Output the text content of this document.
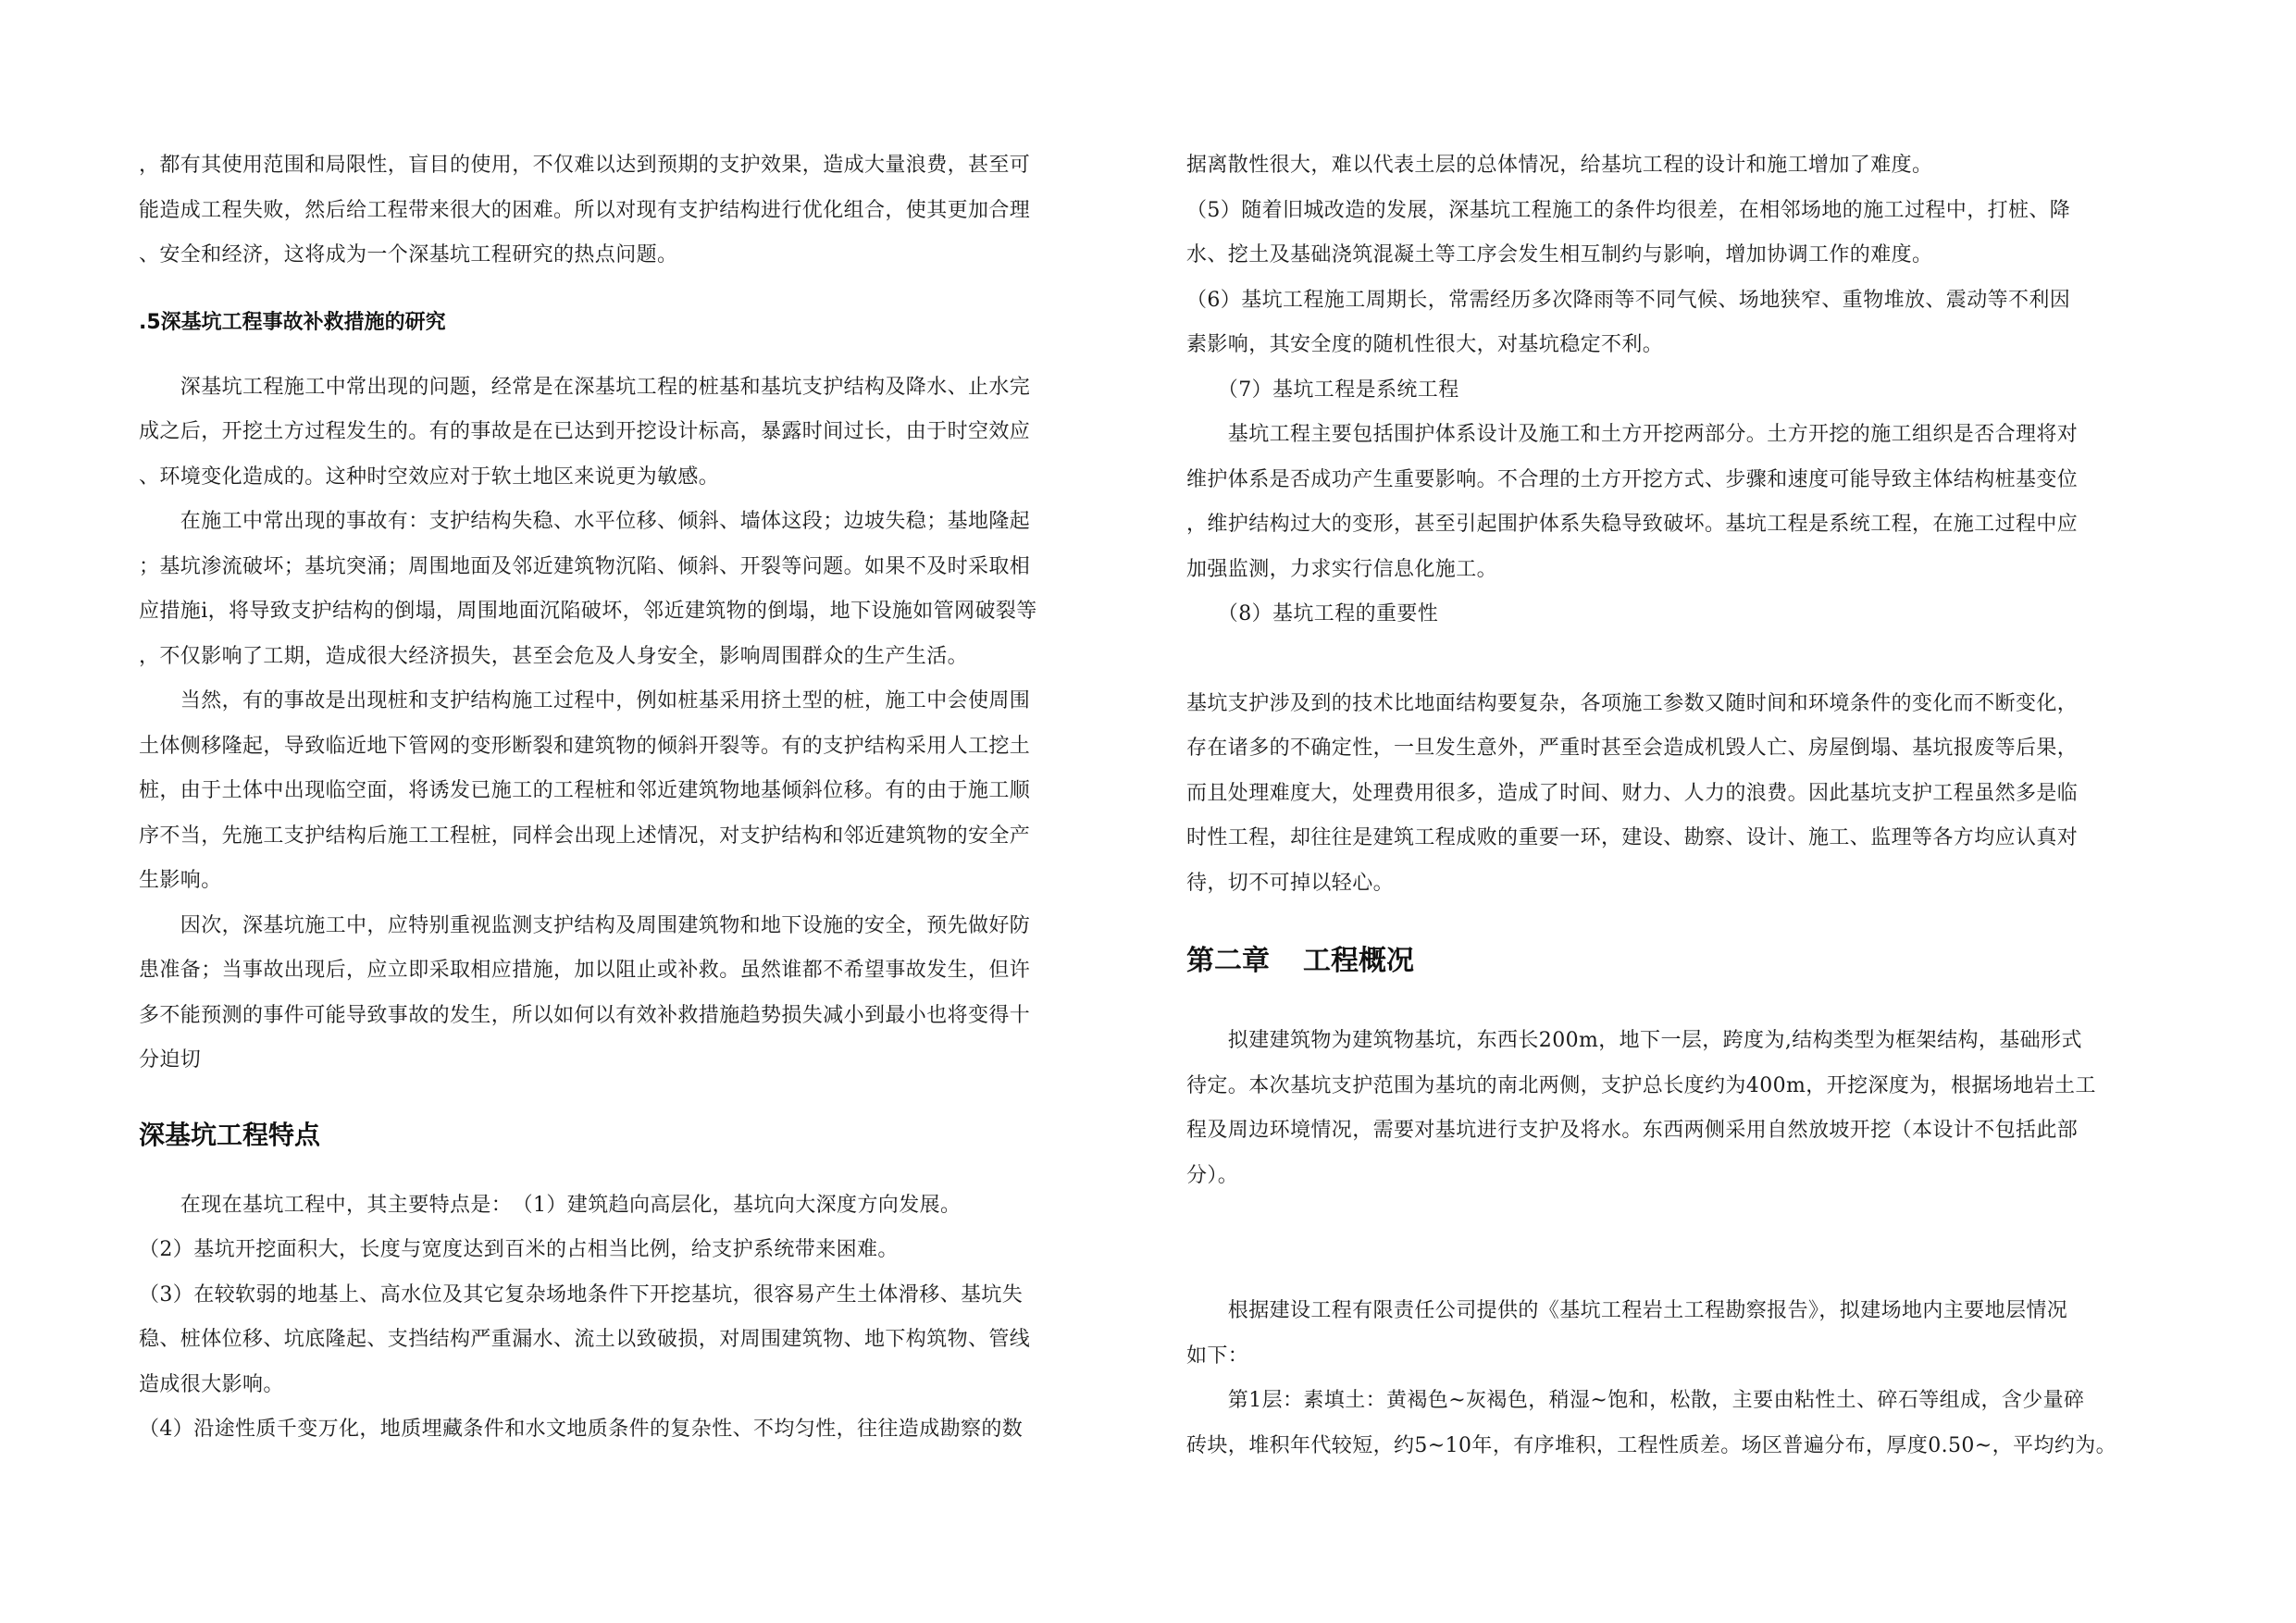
，都有其使用范围和局限性，盲目的使用，不仅难以达到预期的支护效果，造成大量浪费，甚至可
能造成工程失败，然后给工程带来很大的困难。所以对现有支护结构进行优化组合，使其更加合理
、安全和经济，这将成为一个深基坑工程研究的热点问题。
.5深基坑工程事故补救措施的研究
　　深基坑工程施工中常出现的问题，经常是在深基坑工程的桩基和基坑支护结构及降水、止水完
成之后，开挖土方过程发生的。有的事故是在已达到开挖设计标高，暴露时间过长，由于时空效应
、环境变化造成的。这种时空效应对于软土地区来说更为敏感。
　　在施工中常出现的事故有：支护结构失稳、水平位移、倾斜、墙体这段；边坡失稳；基地隆起
；基坑渗流破坏；基坑突涌；周围地面及邻近建筑物沉陷、倾斜、开裂等问题。如果不及时采取相
应措施i，将导致支护结构的倒塌，周围地面沉陷破坏，邻近建筑物的倒塌，地下设施如管网破裂等
，不仅影响了工期，造成很大经济损失，甚至会危及人身安全，影响周围群众的生产生活。
　　当然，有的事故是出现桩和支护结构施工过程中，例如桩基采用挤土型的桩，施工中会使周围
土体侧移隆起，导致临近地下管网的变形断裂和建筑物的倾斜开裂等。有的支护结构采用人工挖土
桩，由于土体中出现临空面，将诱发已施工的工程桩和邻近建筑物地基倾斜位移。有的由于施工顺
序不当，先施工支护结构后施工工程桩，同样会出现上述情况，对支护结构和邻近建筑物的安全产
生影响。
　　因次，深基坑施工中，应特别重视监测支护结构及周围建筑物和地下设施的安全，预先做好防
患准备；当事故出现后，应立即采取相应措施，加以阻止或补救。虽然谁都不希望事故发生，但许
多不能预测的事件可能导致事故的发生，所以如何以有效补救措施趋势损失减小到最小也将变得十
分迫切
深基坑工程特点
　　在现在基坑工程中，其主要特点是：　（1）建筑趋向高层化，基坑向大深度方向发展。
（2）基坑开挖面积大，长度与宽度达到百米的占相当比例，给支护系统带来困难。
（3）在较软弱的地基上、高水位及其它复杂场地条件下开挖基坑，很容易产生土体滑移、基坑失
稳、桩体位移、坑底隆起、支挡结构严重漏水、流土以致破损，对周围建筑物、地下构筑物、管线
造成很大影响。
（4）沿途性质千变万化，地质埋藏条件和水文地质条件的复杂性、不均匀性，往往造成勘察的数
据离散性很大，难以代表土层的总体情况，给基坑工程的设计和施工增加了难度。
（5）随着旧城改造的发展，深基坑工程施工的条件均很差，在相邻场地的施工过程中，打桩、降
水、挖土及基础浇筑混凝土等工序会发生相互制约与影响，增加协调工作的难度。
（6）基坑工程施工周期长，常需经历多次降雨等不同气候、场地狭窄、重物堆放、震动等不利因
素影响，其安全度的随机性很大，对基坑稳定不利。
　　（7）基坑工程是系统工程
　　基坑工程主要包括围护体系设计及施工和土方开挖两部分。土方开挖的施工组织是否合理将对
维护体系是否成功产生重要影响。不合理的土方开挖方式、步骤和速度可能导致主体结构桩基变位
，维护结构过大的变形，甚至引起围护体系失稳导致破坏。基坑工程是系统工程，在施工过程中应
加强监测，力求实行信息化施工。
　　（8）基坑工程的重要性
基坑支护涉及到的技术比地面结构要复杂，各项施工参数又随时间和环境条件的变化而不断变化，
存在诸多的不确定性，一旦发生意外，严重时甚至会造成机毁人亡、房屋倒塌、基坑报废等后果，
而且处理难度大，处理费用很多，造成了时间、财力、人力的浪费。因此基坑支护工程虽然多是临
时性工程，却往往是建筑工程成败的重要一环，建设、勘察、设计、施工、监理等各方均应认真对
待，切不可掉以轻心。
第二章 工程概况
　　拟建建筑物为建筑物基坑，东西长200m，地下一层，跨度为,结构类型为框架结构，基础形式
待定。本次基坑支护范围为基坑的南北两侧，支护总长度约为400m，开挖深度为，根据场地岩土工
程及周边环境情况，需要对基坑进行支护及将水。东西两侧采用自然放坡开挖（本设计不包括此部
分）。
　　根据建设工程有限责任公司提供的《基坑工程岩土工程勘察报告》，拟建场地内主要地层情况
如下：
　　第1层：素填土：黄褐色~灰褐色，稍湿~饱和，松散，主要由粘性土、碎石等组成，含少量碎
砖块，堆积年代较短，约5~10年，有序堆积，工程性质差。场区普遍分布，厚度0.50~，平均约为。
